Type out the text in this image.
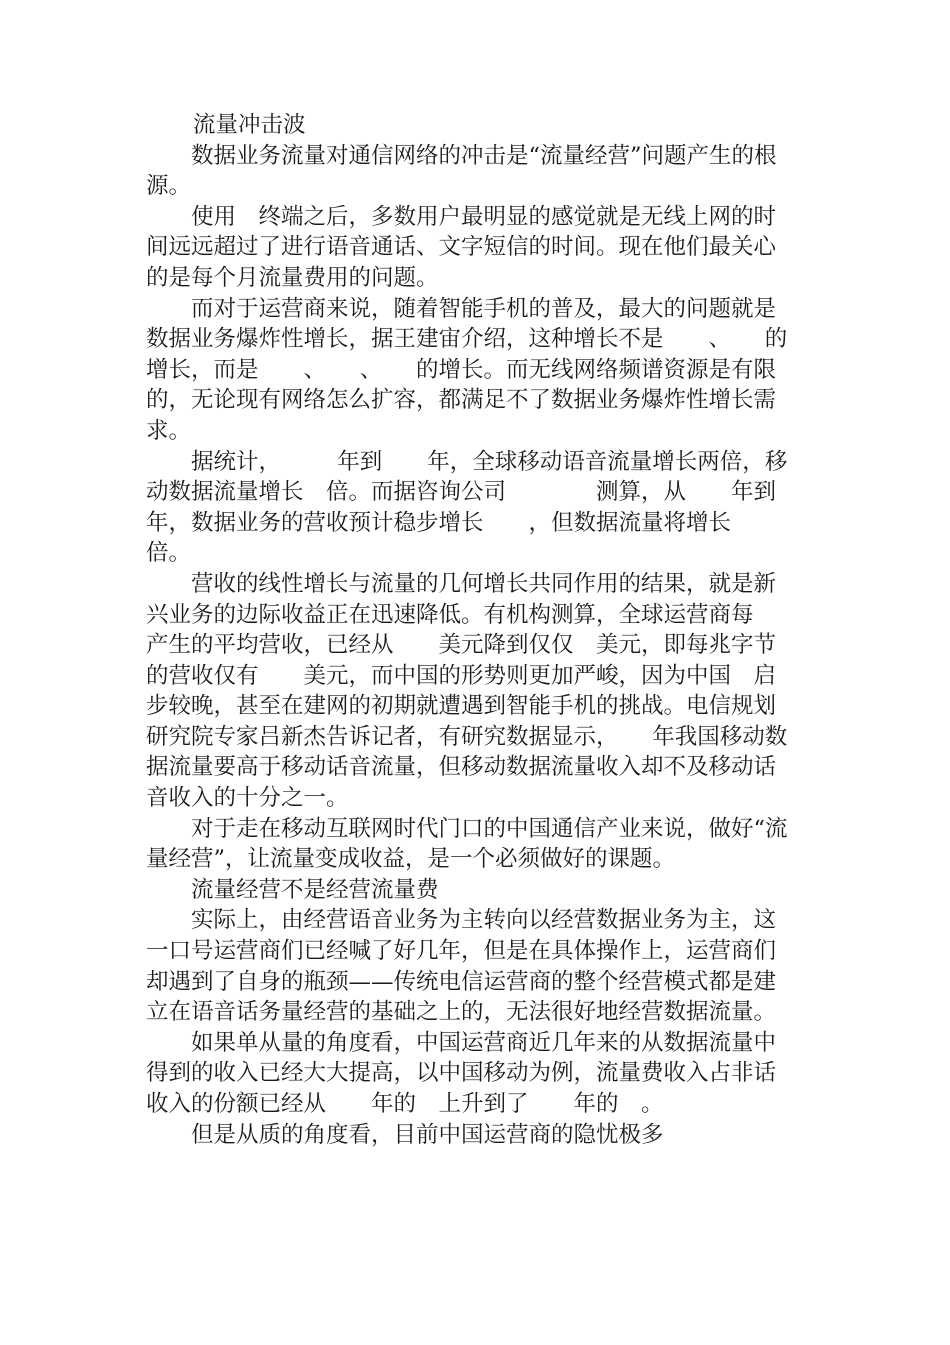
流量冲击波

数据业务流量对通信网络的冲击是“流量经营”问题产生的根源。

使用　终端之后，多数用户最明显的感觉就是无线上网的时间远远超过了进行语音通话、文字短信的时间。现在他们最关心的是每个月流量费用的问题。

而对于运营商来说，随着智能手机的普及，最大的问题就是数据业务爆炸性增长，据王建宙介绍，这种增长不是　　、　　的增长，而是　　、　　、　　的增长。而无线网络频谱资源是有限的，无论现有网络怎么扩容，都满足不了数据业务爆炸性增长需求。

据统计，　　　年到　　年，全球移动语音流量增长两倍，移动数据流量增长　倍。而据咨询公司　　　　测算，从　　年到　　年，数据业务的营收预计稳步增长　　，但数据流量将增长　倍。

营收的线性增长与流量的几何增长共同作用的结果，就是新兴业务的边际收益正在迅速降低。有机构测算，全球运营商每　　　　产生的平均营收，已经从　　美元降到仅仅　美元，即每兆字节的营收仅有　　美元，而中国的形势则更加严峻，因为中国　启步较晚，甚至在建网的初期就遭遇到智能手机的挑战。电信规划研究院专家吕新杰告诉记者，有研究数据显示，　　年我国移动数据流量要高于移动话音流量，但移动数据流量收入却不及移动话音收入的十分之一。

对于走在移动互联网时代门口的中国通信产业来说，做好“流量经营”，让流量变成收益，是一个必须做好的课题。

流量经营不是经营流量费

实际上，由经营语音业务为主转向以经营数据业务为主，这一口号运营商们已经喊了好几年，但是在具体操作上，运营商们却遇到了自身的瓶颈——传统电信运营商的整个经营模式都是建立在语音话务量经营的基础之上的，无法很好地经营数据流量。

如果单从量的角度看，中国运营商近几年来的从数据流量中得到的收入已经大大提高，以中国移动为例，流量费收入占非话收入的份额已经从　　年的　上升到了　　年的　。

但是从质的角度看，目前中国运营商的隐忧极多
